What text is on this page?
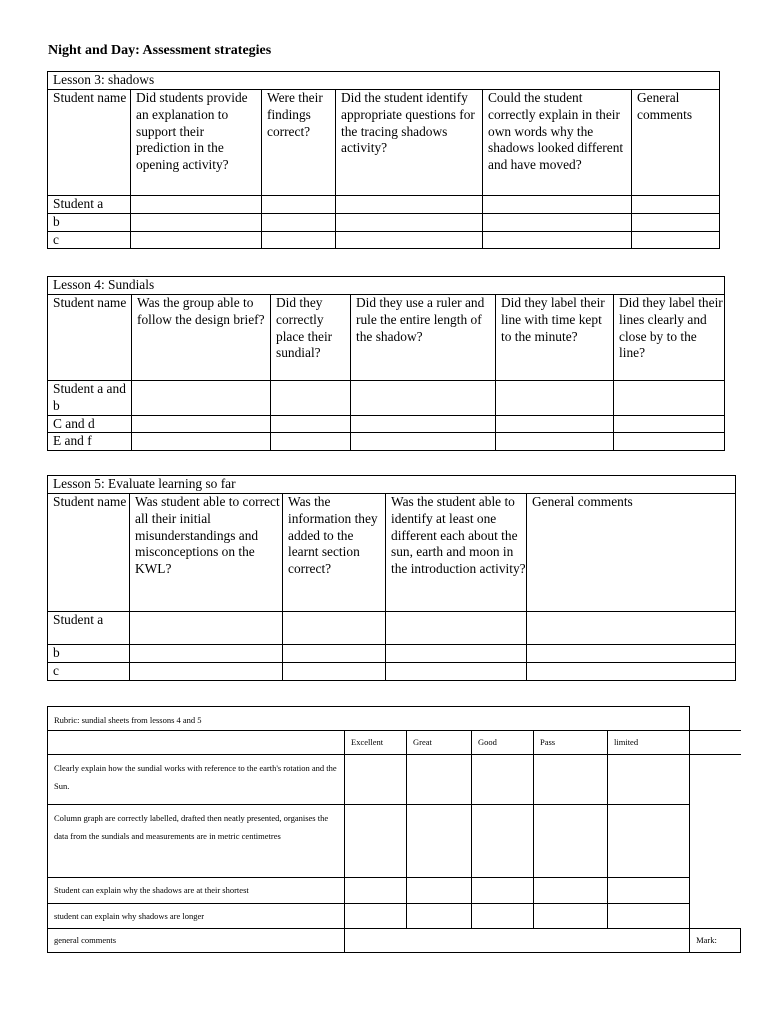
Night and Day: Assessment strategies
Lesson 3: shadows					
Student name	Did students provide an explanation to support their prediction in the opening activity?	Were their findings correct?	Did the student identify appropriate questions for the tracing shadows activity?	Could the student correctly explain in their own words why the shadows looked different and have moved?	General comments
Student a					
b					
c					
Lesson 4: Sundials					
Student name	Was the group able to follow the design brief?	Did they correctly place their sundial?	Did they use a ruler and rule the entire length of the shadow?	Did they label their line with time kept to the minute?	Did they label their lines clearly and close by to the line?
Student a and b					
C and d					
E and f					
Lesson 5: Evaluate learning so far				
Student name	Was student able to correct all their initial misunderstandings and misconceptions on the KWL?	Was the information they added to the learnt section correct?	Was the student able to identify at least one different each about the sun, earth and moon in the introduction activity?	General comments
Student a				
b				
c				
Rubric: sundial sheets from lessons 4 and 5						
	Excellent	Great	Good	Pass	limited	
Clearly explain how the sundial works with reference to the earth's rotation and the Sun.						
Column graph are correctly labelled, drafted then neatly presented, organises the data from the sundials and measurements are in metric centimetres						
Student can explain why the shadows are at their shortest						
student can explain why shadows are longer						
general comments						Mark:
